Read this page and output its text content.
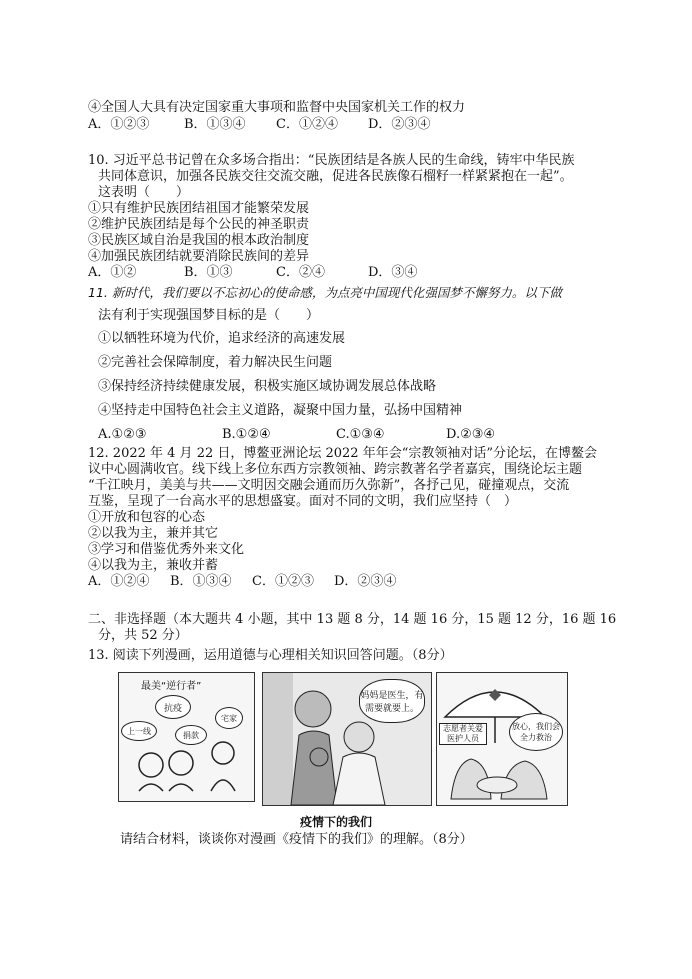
④全国人大具有决定国家重大事项和监督中央国家机关工作的权力
A．①②③	B．①③④ C．①②④ D．②③④
10. 习近平总书记曾在众多场合指出：“民族团结是各族人民的生命线，铸牢中华民族
共同体意识，加强各民族交往交流交融，促进各民族像石榴籽一样紧紧抱在一起”。
这表明（　　）
①只有维护民族团结祖国才能繁荣发展
②维护民族团结是每个公民的神圣职责
③民族区域自治是我国的根本政治制度
④加强民族团结就要消除民族间的差异
A．①②	B．①③	C．②④	D．③④
11. 新时代，我们要以不忘初心的使命感，为点亮中国现代化强国梦不懈努力。以下做
法有利于实现强国梦目标的是（　　）
①以牺牲环境为代价，追求经济的高速发展
②完善社会保障制度，着力解决民生问题
③保持经济持续健康发展，积极实施区域协调发展总体战略
④坚持走中国特色社会主义道路，凝聚中国力量，弘扬中国精神
A.①②③	B.①②④	C.①③④	D.②③④
12. 2022 年 4 月 22 日，博鳌亚洲论坛 2022 年年会“宗教领袖对话”分论坛，在博鳌会
议中心圆满收官。线下线上多位东西方宗教领袖、跨宗教著名学者嘉宾，围绕论坛主题
“千江映月，美美与共——文明因交融会通而历久弥新”，各抒己见，碰撞观点，交流
互鉴，呈现了一台高水平的思想盛宴。面对不同的文明，我们应坚持（　）
①开放和包容的心态
②以我为主，兼并其它
③学习和借鉴优秀外来文化
④以我为主，兼收并蓄
A．①②④ B．①③④ C．①②③ D．②③④
二、非选择题（本大题共 4 小题，其中 13 题 8 分，14 题 16 分，15 题 12 分，16 题 16
分，共 52 分）
13. 阅读下列漫画，运用道德与心理相关知识回答问题。（8分）
最美“逆行者”
抗疫
上一线	捐款
宅家
妈妈是医生，有需要就要上。
志愿者关爱医护人员
放心，我们会全力救治
疫情下的我们
请结合材料，谈谈你对漫画《疫情下的我们》的理解。（8分）
